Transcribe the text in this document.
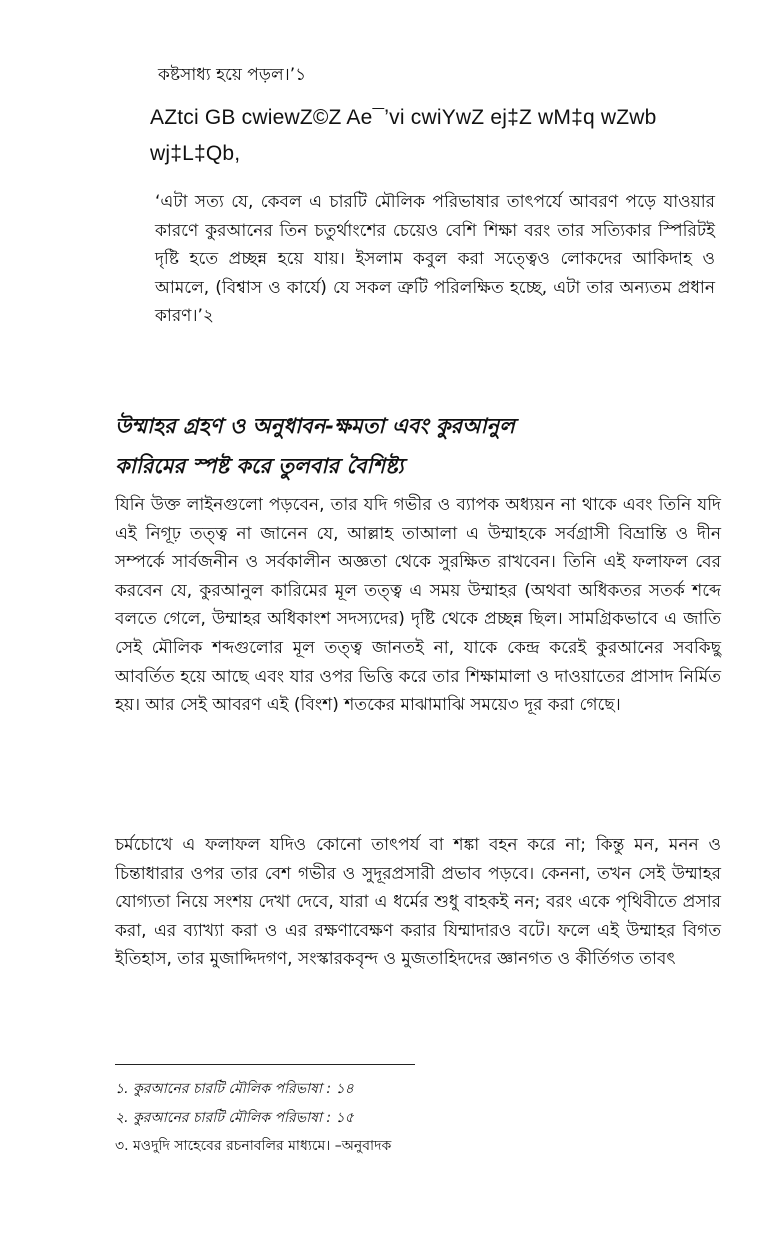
কষ্টসাধ্য হয়ে পড়ল।’১

AZtci GB cwiewZ©Z Ae¯’vi cwiYwZ ej‡Z wM‡q wZwb

wj‡L‡Qb,

‘এটা সত্য যে, কেবল এ চারটি মৌলিক পরিভাষার তাৎপর্যে আবরণ পড়ে যাওয়ার কারণে কুরআনের তিন চতুর্থাংশের চেয়েও বেশি শিক্ষা বরং তার সত্যিকার স্পিরিটই দৃষ্টি হতে প্রচ্ছন্ন হয়ে যায়। ইসলাম কবুল করা সত্ত্বেও লোকদের আকিদাহ ও আমলে, (বিশ্বাস ও কার্যে) যে সকল ত্রুটি পরিলক্ষিত হচ্ছে, এটা তার অন্যতম প্রধান কারণ।’২

উম্মাহর গ্রহণ ও অনুধাবন-ক্ষমতা এবং কুরআনুল
কারিমের স্পষ্ট করে তুলবার বৈশিষ্ট্য

যিনি উক্ত লাইনগুলো পড়বেন, তার যদি গভীর ও ব্যাপক অধ্যয়ন না থাকে এবং তিনি যদি এই নিগূঢ় তত্ত্ব না জানেন যে, আল্লাহ তাআলা এ উম্মাহকে সর্বগ্রাসী বিভ্রান্তি ও দীন সম্পর্কে সার্বজনীন ও সর্বকালীন অজ্ঞতা থেকে সুরক্ষিত রাখবেন। তিনি এই ফলাফল বের করবেন যে, কুরআনুল কারিমের মূল তত্ত্ব এ সময় উম্মাহর (অথবা অধিকতর সতর্ক শব্দে বলতে গেলে, উম্মাহর অধিকাংশ সদস্যদের) দৃষ্টি থেকে প্রচ্ছন্ন ছিল। সামগ্রিকভাবে এ জাতি সেই মৌলিক শব্দগুলোর মূল তত্ত্ব জানতই না, যাকে কেন্দ্র করেই কুরআনের সবকিছু আবর্তিত হয়ে আছে এবং যার ওপর ভিত্তি করে তার শিক্ষামালা ও দাওয়াতের প্রাসাদ নির্মিত হয়। আর সেই আবরণ এই (বিংশ) শতকের মাঝামাঝি সময়ে৩ দূর করা গেছে।

চর্মচোখে এ ফলাফল যদিও কোনো তাৎপর্য বা শঙ্কা বহন করে না; কিন্তু মন, মনন ও চিন্তাধারার ওপর তার বেশ গভীর ও সুদূরপ্রসারী প্রভাব পড়বে। কেননা, তখন সেই উম্মাহর যোগ্যতা নিয়ে সংশয় দেখা দেবে, যারা এ ধর্মের শুধু বাহকই নন; বরং একে পৃথিবীতে প্রসার করা, এর ব্যাখ্যা করা ও এর রক্ষণাবেক্ষণ করার যিম্মাদারও বটে। ফলে এই উম্মাহর বিগত ইতিহাস, তার মুজাদ্দিদগণ, সংস্কারকবৃন্দ ও মুজতাহিদদের জ্ঞানগত ও কীর্তিগত তাবৎ

১. কুরআনের চারটি মৌলিক পরিভাষা : ১৪

২. কুরআনের চারটি মৌলিক পরিভাষা : ১৫

৩. মওদুদি সাহেবের রচনাবলির মাধ্যমে। –অনুবাদক
